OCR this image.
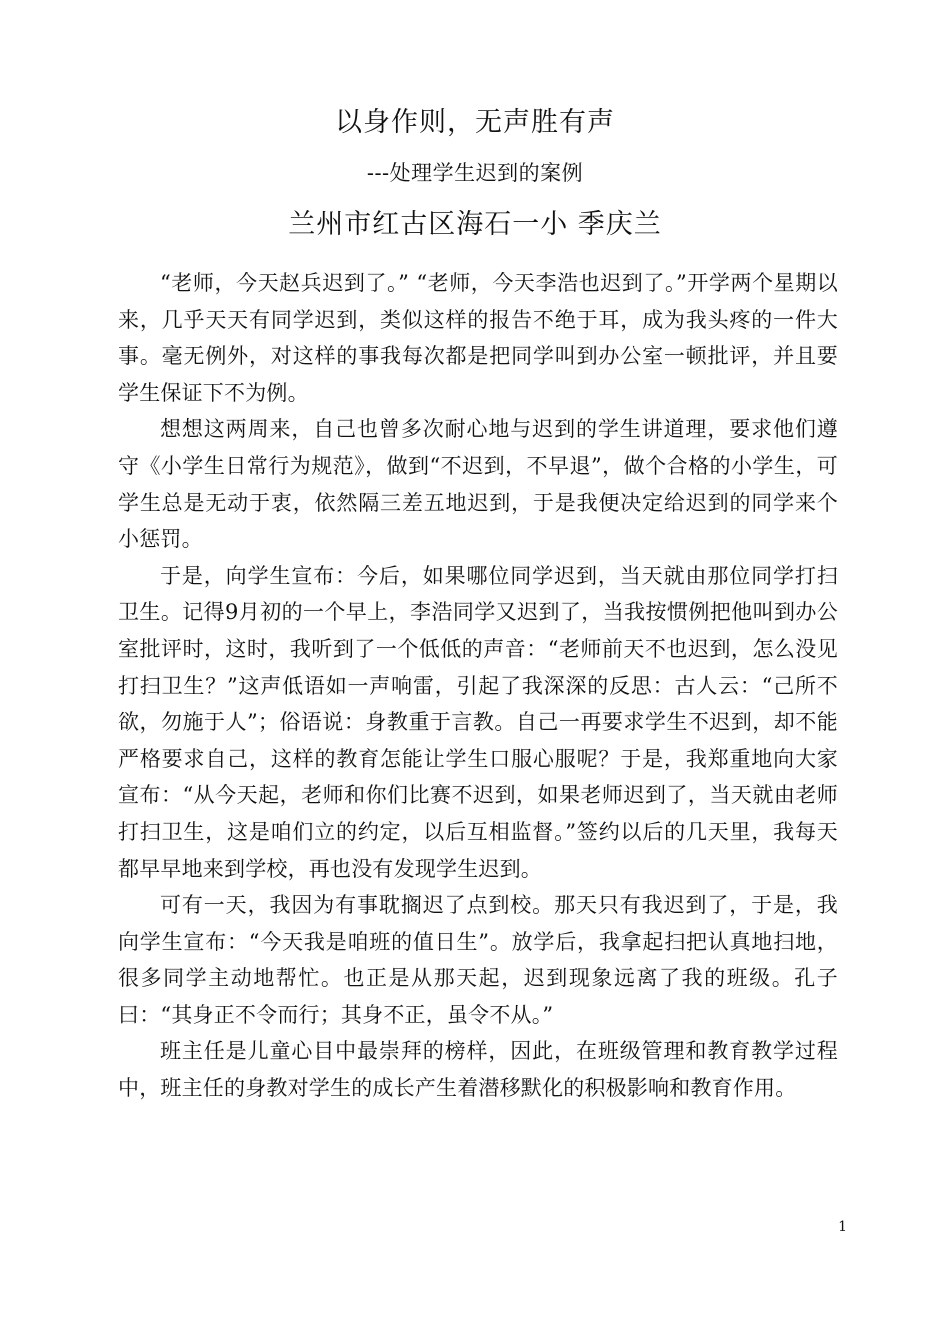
以身作则，无声胜有声
---处理学生迟到的案例
兰州市红古区海石一小 季庆兰

“老师，今天赵兵迟到了。” “老师，今天李浩也迟到了。”开学两个星期以来，几乎天天有同学迟到，类似这样的报告不绝于耳，成为我头疼的一件大事。毫无例外，对这样的事我每次都是把同学叫到办公室一顿批评，并且要学生保证下不为例。

想想这两周来，自己也曾多次耐心地与迟到的学生讲道理，要求他们遵守《小学生日常行为规范》，做到“不迟到，不早退”，做个合格的小学生，可学生总是无动于衷，依然隔三差五地迟到，于是我便决定给迟到的同学来个小惩罚。

于是，向学生宣布：今后，如果哪位同学迟到，当天就由那位同学打扫卫生。记得9月初的一个早上，李浩同学又迟到了，当我按惯例把他叫到办公室批评时，这时，我听到了一个低低的声音：“老师前天不也迟到，怎么没见打扫卫生？”这声低语如一声响雷，引起了我深深的反思：古人云：“己所不欲，勿施于人”；俗语说：身教重于言教。自己一再要求学生不迟到，却不能严格要求自己，这样的教育怎能让学生口服心服呢？于是，我郑重地向大家宣布：“从今天起，老师和你们比赛不迟到，如果老师迟到了，当天就由老师打扫卫生，这是咱们立的约定，以后互相监督。”签约以后的几天里，我每天都早早地来到学校，再也没有发现学生迟到。

可有一天，我因为有事耽搁迟了点到校。那天只有我迟到了，于是，我向学生宣布：“今天我是咱班的值日生”。放学后，我拿起扫把认真地扫地，很多同学主动地帮忙。也正是从那天起，迟到现象远离了我的班级。孔子曰：“其身正不令而行；其身不正，虽令不从。”

班主任是儿童心目中最崇拜的榜样，因此，在班级管理和教育教学过程中，班主任的身教对学生的成长产生着潜移默化的积极影响和教育作用。

1
